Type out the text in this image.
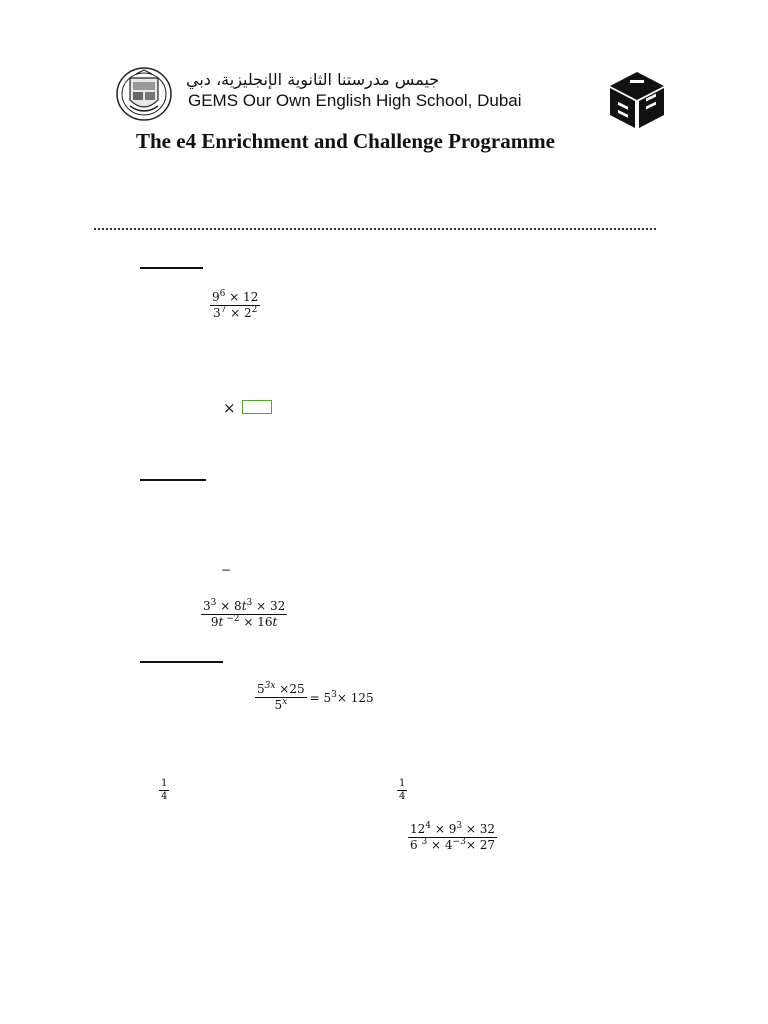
جيمس مدرستنا الثانوية الإنجليزية، دبي
GEMS Our Own English High School, Dubai
The e4 Enrichment and Challenge Programme
$\frac{9^6 \times 12}{3^7 \times 2^2}$
×
−
$\frac{3^3 \times 8t^3 \times 32}{9t ^{-2} \times 16t}$
$\frac{5^{3x} \times 25}{5^x} = 5^3\times 125$
$\frac{1}{4}$	$\frac{1}{4}$
$\frac{12^4 \times 9^3 \times 32}{6 ^3 \times 4^{-3}\times 27}$
